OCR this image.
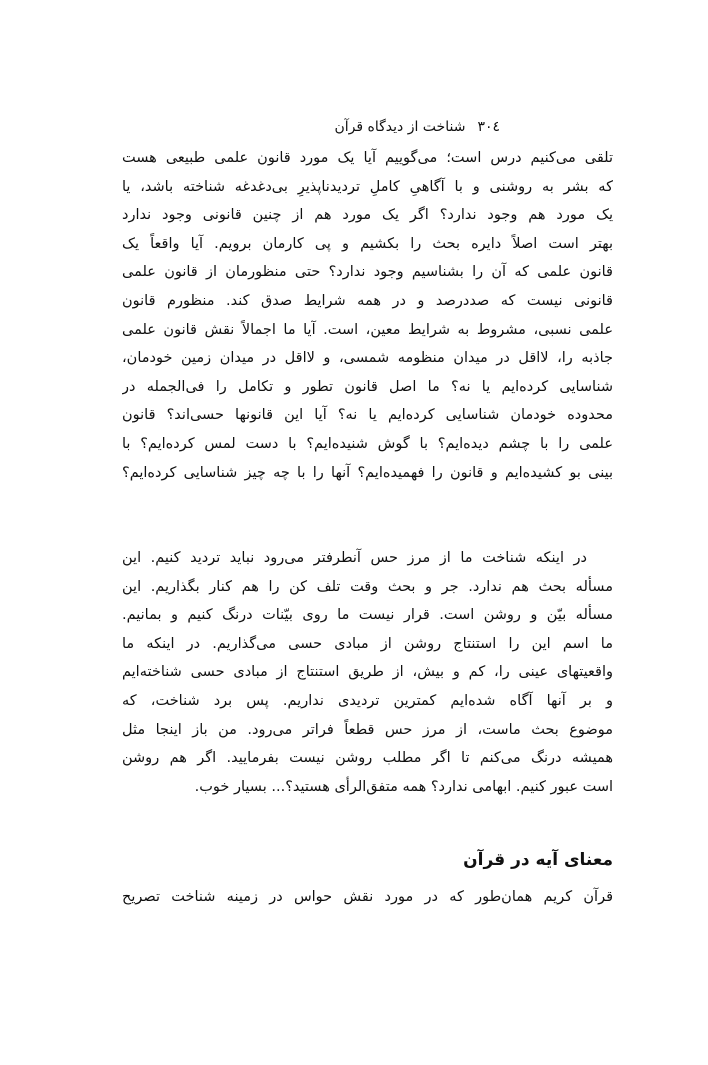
۳۰٤شناخت از دیدگاه قرآن
تلقی می‌کنیم درس است؛ می‌گوییم آیا یک مورد قانون علمی طبیعی هست
که بشر به روشنی و با آگاهیِ کاملِ تردیدناپذیرِ بی‌دغدغه شناخته باشد، یا
یک مورد هم وجود ندارد؟ اگر یک مورد هم از چنین قانونی وجود ندارد
بهتر است اصلاً دایره بحث را بکشیم و پی کارمان برویم. آیا واقعاً یک
قانون علمی که آن را بشناسیم وجود ندارد؟ حتی منظورمان از قانون علمی
قانونی نیست که صددرصد و در همه شرایط صدق کند. منظورم قانون
علمی نسبی، مشروط به شرایط معین، است. آیا ما اجمالاً نقش قانون علمی
جاذبه را، لااقل در میدان منظومه شمسی، و لااقل در میدان زمین خودمان،
شناسایی کرده‌ایم یا نه؟ ما اصل قانون تطور و تکامل را فی‌الجمله در
محدوده خودمان شناسایی کرده‌ایم یا نه؟ آیا این قانونها حسی‌اند؟ قانون
علمی را با چشم دیده‌ایم؟ با گوش شنیده‌ایم؟ با دست لمس کرده‌ایم؟ با
بینی بو کشیده‌ایم و قانون را فهمیده‌ایم؟ آنها را با چه چیز شناسایی کرده‌ایم؟
در اینکه شناخت ما از مرز حس آنطرفتر می‌رود نباید تردید کنیم. این
مسأله بحث هم ندارد. جر و بحث وقت تلف کن را هم کنار بگذاریم. این
مسأله بیّن و روشن است. قرار نیست ما روی بیّنات درنگ کنیم و بمانیم.
ما اسم این را استنتاج روشن از مبادی حسی می‌گذاریم. در اینکه ما
واقعیتهای عینی را، کم و بیش، از طریق استنتاج از مبادی حسی شناخته‌ایم
و بر آنها آگاه شده‌ایم کمترین تردیدی نداریم. پس برد شناخت، که
موضوع بحث ماست، از مرز حس قطعاً فراتر می‌رود. من باز اینجا مثل
همیشه درنگ می‌کنم تا اگر مطلب روشن نیست بفرمایید. اگر هم روشن
است عبور کنیم. ابهامی ندارد؟ همه متفق‌الرأی هستید؟... بسیار خوب.
معنای آیه در قرآن
قرآن کریم همان‌طور که در مورد نقش حواس در زمینه شناخت تصریح
